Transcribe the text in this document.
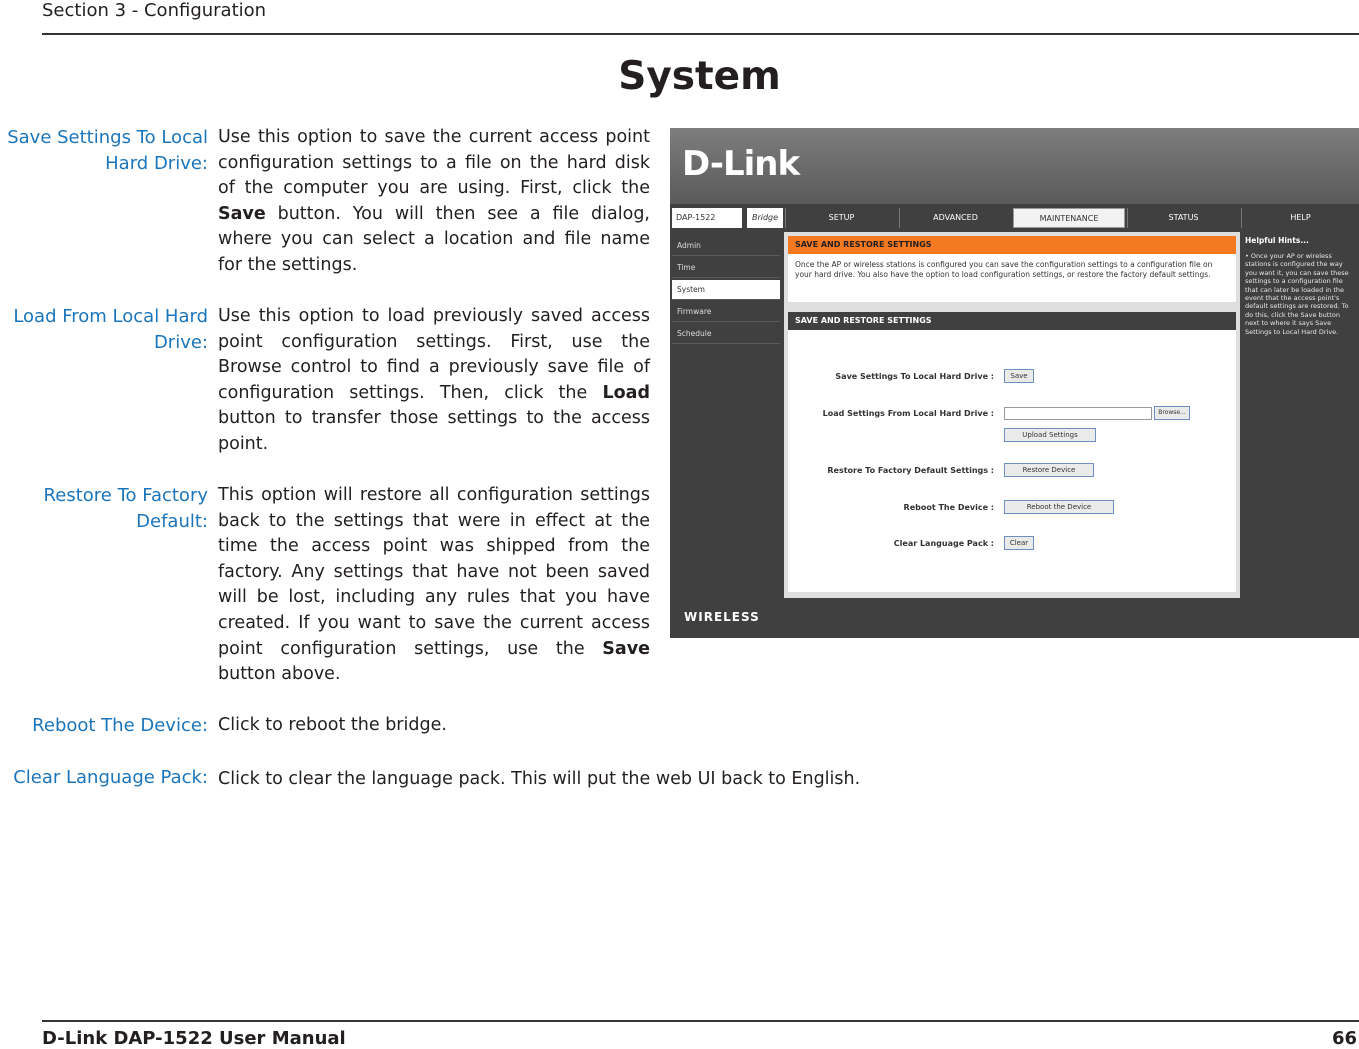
Section 3 - Configuration
System
Save Settings To Local Hard Drive:
Use this option to save the current access point configuration settings to a file on the hard disk of the computer you are using. First, click the Save button. You will then see a file dialog, where you can select a location and file name for the settings.
Load From Local Hard Drive:
Use this option to load previously saved access point configuration settings. First, use the Browse control to find a previously save file of configuration settings. Then, click the Load button to transfer those settings to the access point.
Restore To Factory Default:
This option will restore all configuration settings back to the settings that were in effect at the time the access point was shipped from the factory. Any settings that have not been saved will be lost, including any rules that you have created. If you want to save the current access point configuration settings, use the Save button above.
Reboot The Device: Click to reboot the bridge.
Clear Language Pack: Click to clear the language pack. This will put the web UI back to English.
D-Link
DAP-1522	Bridge	SETUP	ADVANCED	MAINTENANCE	STATUS	HELP
Admin
Time
System
Firmware
Schedule
SAVE AND RESTORE SETTINGS
Once the AP or wireless stations is configured you can save the configuration settings to a configuration file on your hard drive. You also have the option to load configuration settings, or restore the factory default settings.
SAVE AND RESTORE SETTINGS
Save Settings To Local Hard Drive :	Save
Load Settings From Local Hard Drive :	Browse...
Upload Settings
Restore To Factory Default Settings :	Restore Device
Reboot The Device :	Reboot the Device
Clear Language Pack :	Clear
Helpful Hints...
• Once your AP or wireless stations is configured the way you want it, you can save these settings to a configuration file that can later be loaded in the event that the access point's default settings are restored. To do this, click the Save button next to where it says Save Settings to Local Hard Drive.
WIRELESS
D-Link DAP-1522 User Manual	66
